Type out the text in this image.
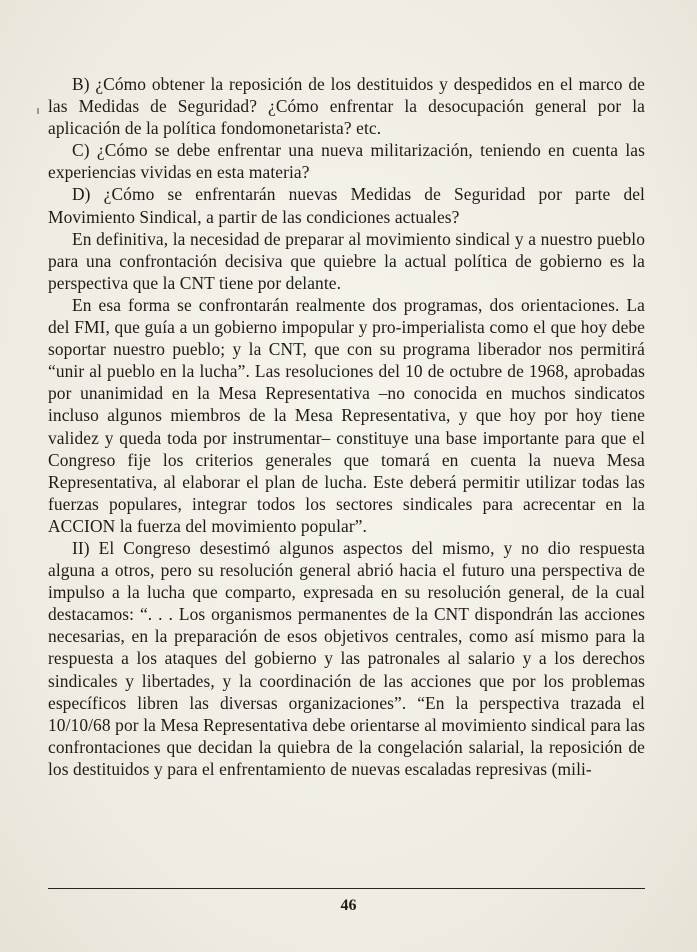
B) ¿Cómo obtener la reposición de los destituidos y despedidos en el marco de las Medidas de Seguridad? ¿Cómo enfrentar la desocupación general por la aplicación de la política fondomonetarista? etc.

C) ¿Cómo se debe enfrentar una nueva militarización, teniendo en cuenta las experiencias vividas en esta materia?

D) ¿Cómo se enfrentarán nuevas Medidas de Seguridad por parte del Movimiento Sindical, a partir de las condiciones actuales?

En definitiva, la necesidad de preparar al movimiento sindical y a nuestro pueblo para una confrontación decisiva que quiebre la actual política de gobierno es la perspectiva que la CNT tiene por delante.

En esa forma se confrontarán realmente dos programas, dos orientaciones. La del FMI, que guía a un gobierno impopular y pro-imperialista como el que hoy debe soportar nuestro pueblo; y la CNT, que con su programa liberador nos permitirá “unir al pueblo en la lucha”. Las resoluciones del 10 de octubre de 1968, aprobadas por unanimidad en la Mesa Representativa –no conocida en muchos sindicatos incluso algunos miembros de la Mesa Representativa, y que hoy por hoy tiene validez y queda toda por instrumentar– constituye una base importante para que el Congreso fije los criterios generales que tomará en cuenta la nueva Mesa Representativa, al elaborar el plan de lucha. Este deberá permitir utilizar todas las fuerzas populares, integrar todos los sectores sindicales para acrecentar en la ACCION la fuerza del movimiento popular”.

II) El Congreso desestimó algunos aspectos del mismo, y no dio respuesta alguna a otros, pero su resolución general abrió hacia el futuro una perspectiva de impulso a la lucha que comparto, expresada en su resolución general, de la cual destacamos: “. . . Los organismos permanentes de la CNT dispondrán las acciones necesarias, en la preparación de esos objetivos centrales, como así mismo para la respuesta a los ataques del gobierno y las patronales al salario y a los derechos sindicales y libertades, y la coordinación de las acciones que por los problemas específicos libren las diversas organizaciones”. “En la perspectiva trazada el 10/10/68 por la Mesa Representativa debe orientarse al movimiento sindical para las confrontaciones que decidan la quiebra de la congelación salarial, la reposición de los destituidos y para el enfrentamiento de nuevas escaladas represivas (mili-

46
